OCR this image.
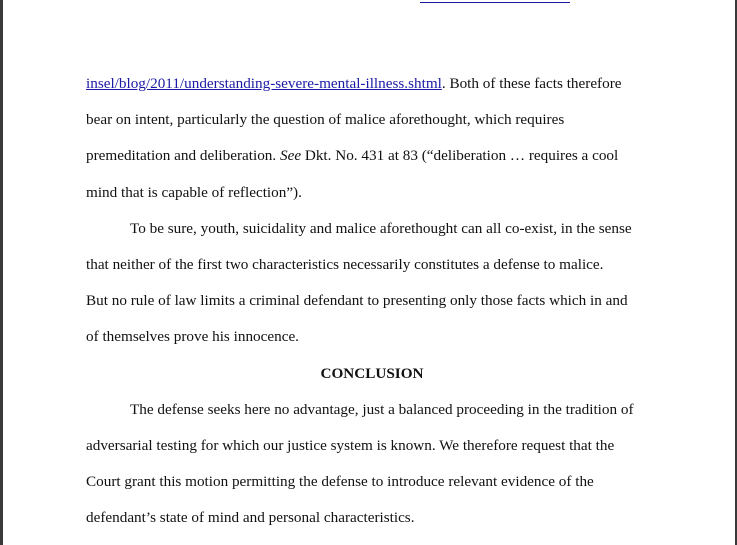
insel/blog/2011/understanding-severe-mental-illness.shtml. Both of these facts therefore
bear on intent, particularly the question of malice aforethought, which requires
premeditation and deliberation. See Dkt. No. 431 at 83 (“deliberation … requires a cool
mind that is capable of reflection”).
To be sure, youth, suicidality and malice aforethought can all co-exist, in the sense
that neither of the first two characteristics necessarily constitutes a defense to malice.
But no rule of law limits a criminal defendant to presenting only those facts which in and
of themselves prove his innocence.
CONCLUSION
The defense seeks here no advantage, just a balanced proceeding in the tradition of
adversarial testing for which our justice system is known. We therefore request that the
Court grant this motion permitting the defense to introduce relevant evidence of the
defendant’s state of mind and personal characteristics.
